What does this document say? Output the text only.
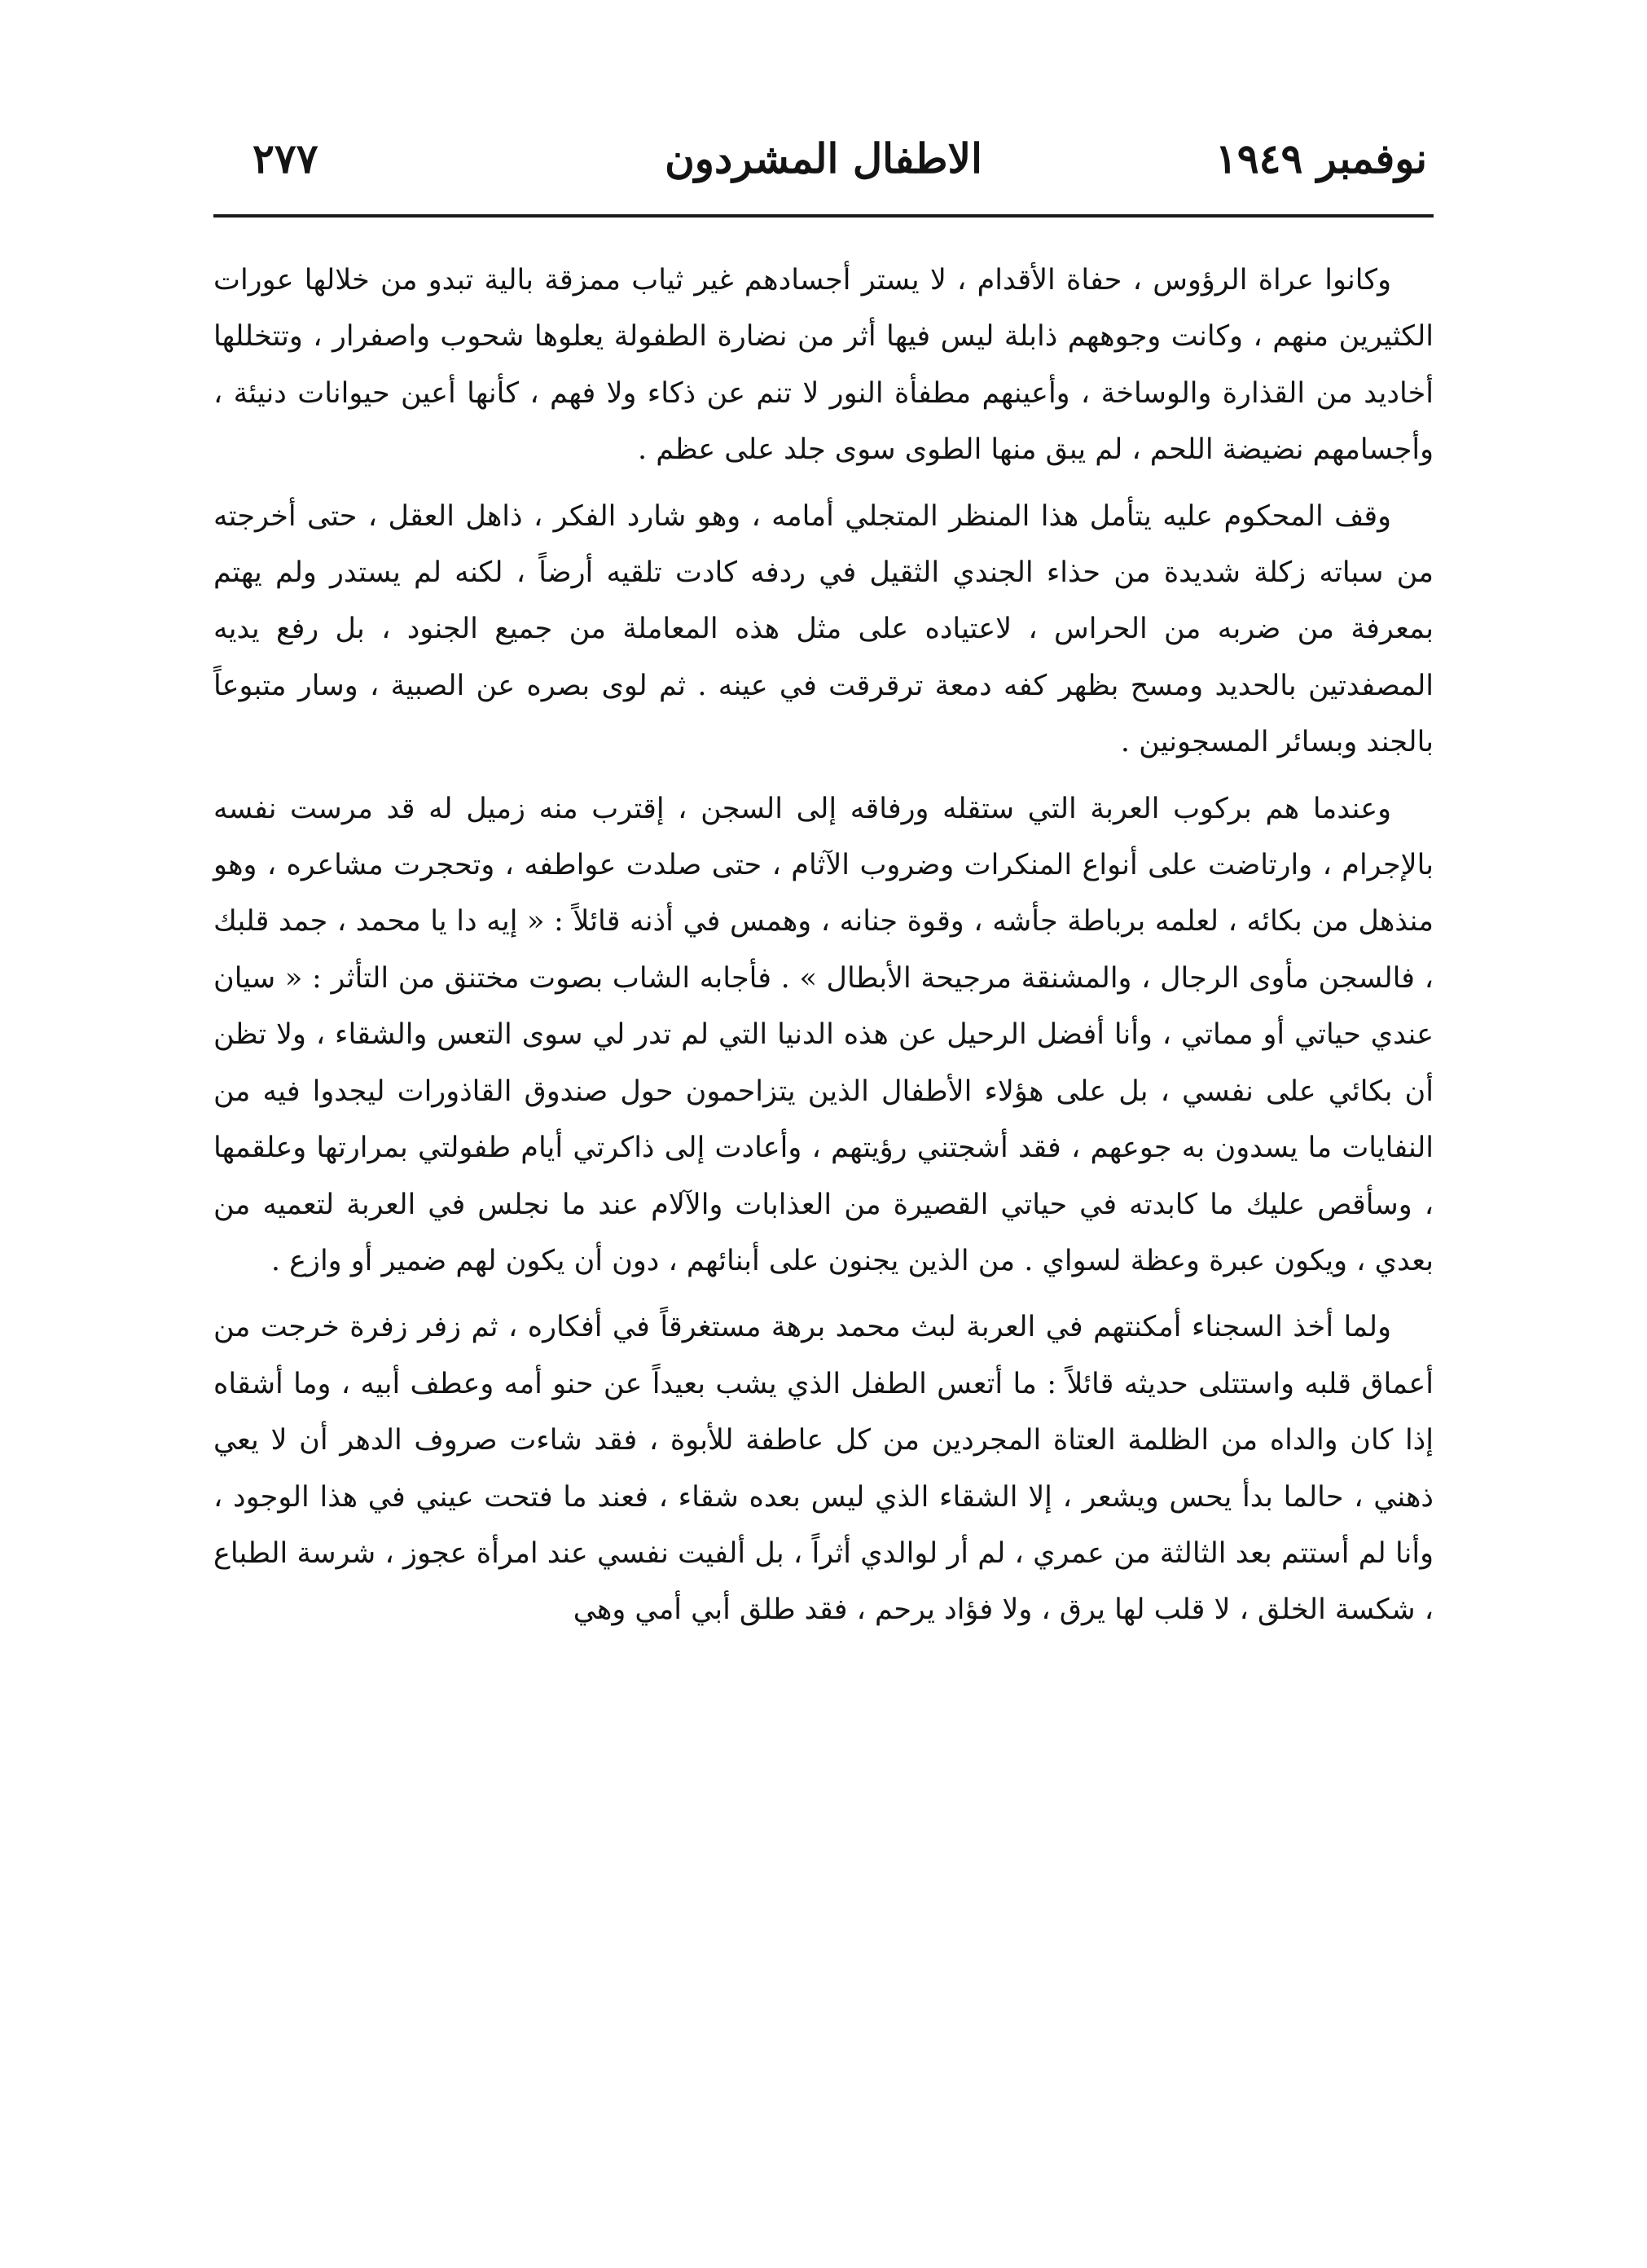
نوفمبر ١٩٤٩
الاطفال المشردون
٢٧٧

وكانوا عراة الرؤوس ، حفاة الأقدام ، لا يستر أجسادهم غير ثياب ممزقة بالية تبدو من خلالها عورات الكثيرين منهم ، وكانت وجوههم ذابلة ليس فيها أثر من نضارة الطفولة يعلوها شحوب واصفرار ، وتتخللها أخاديد من القذارة والوساخة ، وأعينهم مطفأة النور لا تنم عن ذكاء ولا فهم ، كأنها أعين حيوانات دنيئة ، وأجسامهم نضيضة اللحم ، لم يبق منها الطوى سوى جلد على عظم .

وقف المحكوم عليه يتأمل هذا المنظر المتجلي أمامه ، وهو شارد الفكر ، ذاهل العقل ، حتى أخرجته من سباته زكلة شديدة من حذاء الجندي الثقيل في ردفه كادت تلقيه أرضاً ، لكنه لم يستدر ولم يهتم بمعرفة من ضربه من الحراس ، لاعتياده على مثل هذه المعاملة من جميع الجنود ، بل رفع يديه المصفدتين بالحديد ومسح بظهر كفه دمعة ترقرقت في عينه . ثم لوى بصره عن الصبية ، وسار متبوعاً بالجند وبسائر المسجونين .

وعندما هم بركوب العربة التي ستقله ورفاقه إلى السجن ، إقترب منه زميل له قد مرست نفسه بالإجرام ، وارتاضت على أنواع المنكرات وضروب الآثام ، حتى صلدت عواطفه ، وتحجرت مشاعره ، وهو منذهل من بكائه ، لعلمه برباطة جأشه ، وقوة جنانه ، وهمس في أذنه قائلاً : « إيه دا يا محمد ، جمد قلبك ، فالسجن مأوى الرجال ، والمشنقة مرجيحة الأبطال » . فأجابه الشاب بصوت مختنق من التأثر : « سيان عندي حياتي أو مماتي ، وأنا أفضل الرحيل عن هذه الدنيا التي لم تدر لي سوى التعس والشقاء ، ولا تظن أن بكائي على نفسي ، بل على هؤلاء الأطفال الذين يتزاحمون حول صندوق القاذورات ليجدوا فيه من النفايات ما يسدون به جوعهم ، فقد أشجتني رؤيتهم ، وأعادت إلى ذاكرتي أيام طفولتي بمرارتها وعلقمها ، وسأقص عليك ما كابدته في حياتي القصيرة من العذابات والآلام عند ما نجلس في العربة لتعميه من بعدي ، ويكون عبرة وعظة لسواي . من الذين يجنون على أبنائهم ، دون أن يكون لهم ضمير أو وازع .

ولما أخذ السجناء أمكنتهم في العربة لبث محمد برهة مستغرقاً في أفكاره ، ثم زفر زفرة خرجت من أعماق قلبه واستتلى حديثه قائلاً : ما أتعس الطفل الذي يشب بعيداً عن حنو أمه وعطف أبيه ، وما أشقاه إذا كان والداه من الظلمة العتاة المجردين من كل عاطفة للأبوة ، فقد شاءت صروف الدهر أن لا يعي ذهني ، حالما بدأ يحس ويشعر ، إلا الشقاء الذي ليس بعده شقاء ، فعند ما فتحت عيني في هذا الوجود ، وأنا لم أستتم بعد الثالثة من عمري ، لم أر لوالدي أثراً ، بل ألفيت نفسي عند امرأة عجوز ، شرسة الطباع ، شكسة الخلق ، لا قلب لها يرق ، ولا فؤاد يرحم ، فقد طلق أبي أمي وهي
